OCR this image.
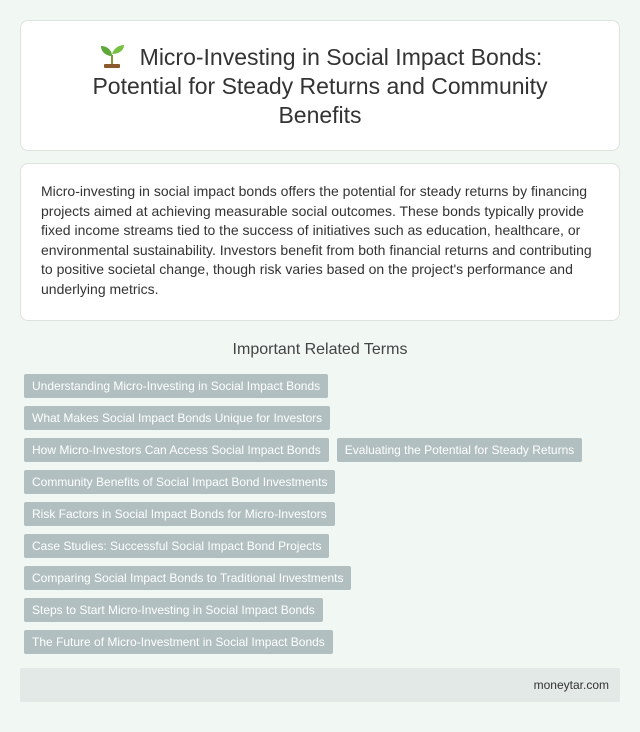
Micro-Investing in Social Impact Bonds: Potential for Steady Returns and Community Benefits

Micro-investing in social impact bonds offers the potential for steady returns by financing projects aimed at achieving measurable social outcomes. These bonds typically provide fixed income streams tied to the success of initiatives such as education, healthcare, or environmental sustainability. Investors benefit from both financial returns and contributing to positive societal change, though risk varies based on the project's performance and underlying metrics.

Important Related Terms
Understanding Micro-Investing in Social Impact Bonds
What Makes Social Impact Bonds Unique for Investors
How Micro-Investors Can Access Social Impact Bonds	Evaluating the Potential for Steady Returns
Community Benefits of Social Impact Bond Investments
Risk Factors in Social Impact Bonds for Micro-Investors
Case Studies: Successful Social Impact Bond Projects
Comparing Social Impact Bonds to Traditional Investments
Steps to Start Micro-Investing in Social Impact Bonds
The Future of Micro-Investment in Social Impact Bonds
moneytar.com
